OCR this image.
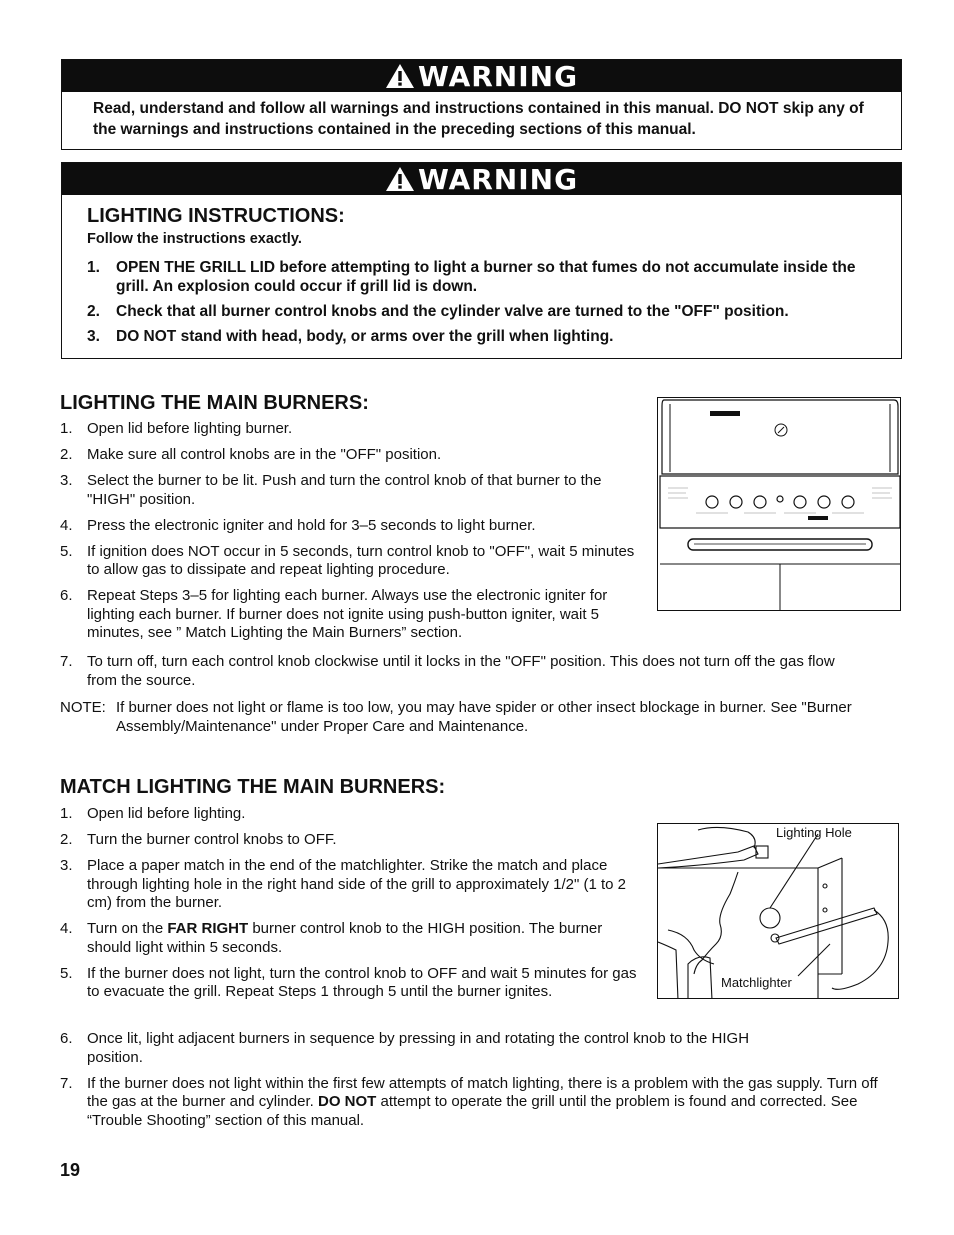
WARNING
Read, understand and follow all warnings and instructions contained in this manual. DO NOT skip any of the warnings and instructions contained in the preceding sections of this manual.
WARNING

LIGHTING INSTRUCTIONS:

Follow the instructions exactly.
1.	OPEN THE GRILL LID before attempting to light a burner so that fumes do not accumulate inside the grill. An explosion could occur if grill lid is down.
2.	Check that all burner control knobs and the cylinder valve are turned to the "OFF" position.
3.	DO NOT stand with head, body, or arms over the grill when lighting.
LIGHTING THE MAIN BURNERS:
1. Open lid before lighting burner.
2. Make sure all control knobs are in the "OFF" position.
3. Select the burner to be lit. Push and turn the control knob of that burner to the "HIGH" position.
4. Press the electronic igniter and hold for 3–5 seconds to light burner.
5. If ignition does NOT occur in 5 seconds, turn control knob to "OFF", wait 5 minutes to allow gas to dissipate and repeat lighting procedure.
6. Repeat Steps 3–5 for lighting each burner. Always use the electronic igniter for lighting each burner. If burner does not ignite using push-button igniter, wait 5 minutes, see ” Match Lighting the Main Burners” section.
7. To turn off, turn each control knob clockwise until it locks in the "OFF" position. This does not turn off the gas flow from the source.
NOTE: If burner does not light or flame is too low, you may have spider or other insect blockage in burner. See "Burner Assembly/Maintenance" under Proper Care and Maintenance.
MATCH LIGHTING THE MAIN BURNERS:
1. Open lid before lighting.
2. Turn the burner control knobs to OFF.
3. Place a paper match in the end of the matchlighter. Strike the match and place through lighting hole in the right hand side of the grill to approximately 1/2" (1 to 2 cm) from the burner.
4. Turn on the FAR RIGHT burner control knob to the HIGH position. The burner should light within 5 seconds.
5. If the burner does not light, turn the control knob to OFF and wait 5 minutes for gas to evacuate the grill. Repeat Steps 1 through 5 until the burner ignites.
6. Once lit, light adjacent burners in sequence by pressing in and rotating the control knob to the HIGH position.
7. If the burner does not light within the first few attempts of match lighting, there is a problem with the gas supply. Turn off the gas at the burner and cylinder. DO NOT attempt to operate the grill until the problem is found and corrected. See “Trouble Shooting” section of this manual.
Lighting Hole
Matchlighter
19
